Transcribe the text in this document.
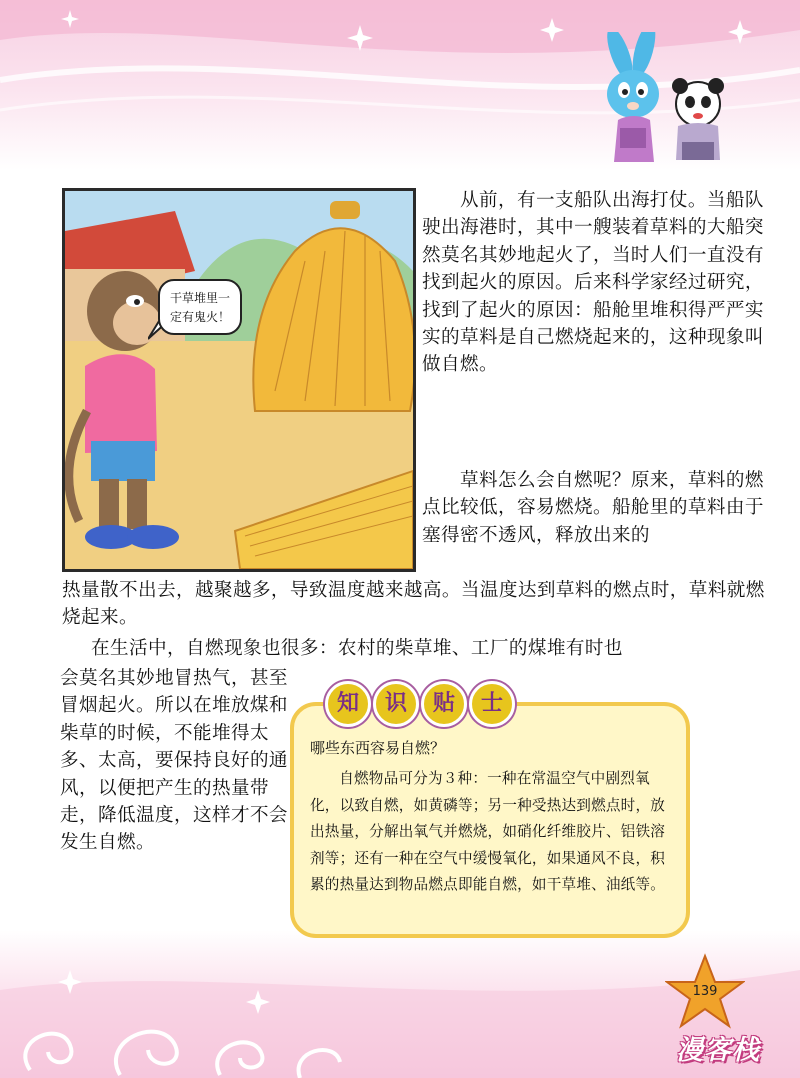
干草堆里一
定有鬼火！

　　从前，有一支船队出海打仗。当船队驶出海港时，其中一艘装着草料的大船突然莫名其妙地起火了，当时人们一直没有找到起火的原因。后来科学家经过研究，找到了起火的原因：船舱里堆积得严严实实的草料是自己燃烧起来的，这种现象叫做自燃。

　　草料怎么会自燃呢？原来，草料的燃点比较低，容易燃烧。船舱里的草料由于塞得密不透风，释放出来的

热量散不出去，越聚越多，导致温度越来越高。当温度达到草料的燃点时，草料就燃烧起来。

　在生活中，自燃现象也很多：农村的柴草堆、工厂的煤堆有时也

会莫名其妙地冒热气，甚至冒烟起火。所以在堆放煤和柴草的时候，不能堆得太多、太高，要保持良好的通风，以便把产生的热量带走，降低温度，这样才不会发生自燃。

知	识	贴	士

哪些东西容易自燃？

自燃物品可分为３种：一种在常温空气中剧烈氧化，以致自燃，如黄磷等；另一种受热达到燃点时，放出热量，分解出氧气并燃烧，如硝化纤维胶片、铝铁溶剂等；还有一种在空气中缓慢氧化，如果通风不良，积累的热量达到物品燃点即能自燃，如干草堆、油纸等。

139
漫客栈
